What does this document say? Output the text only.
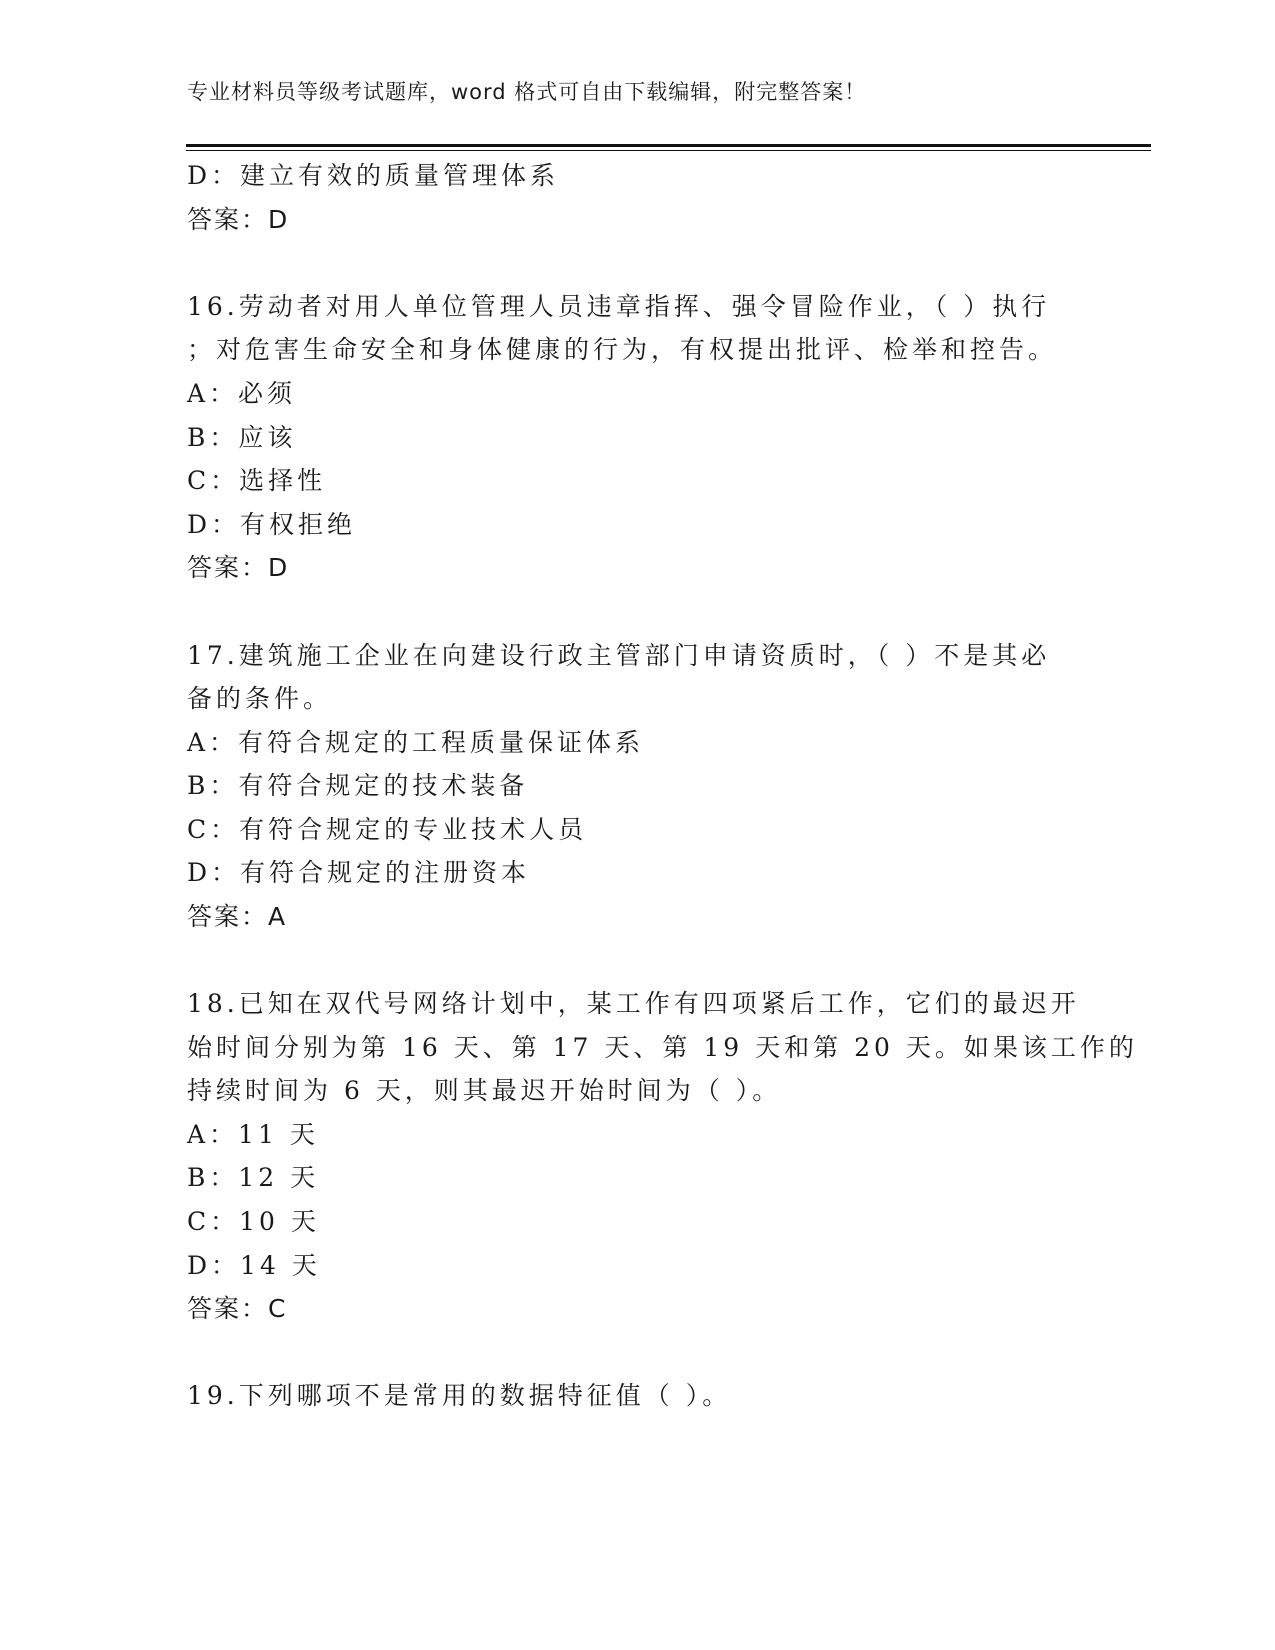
专业材料员等级考试题库，word 格式可自由下载编辑，附完整答案！
D：建立有效的质量管理体系
答案：D
16.劳动者对用人单位管理人员违章指挥、强令冒险作业，（ ）执行
；对危害生命安全和身体健康的行为，有权提出批评、检举和控告。
A：必须
B：应该
C：选择性
D：有权拒绝
答案：D
17.建筑施工企业在向建设行政主管部门申请资质时，（ ）不是其必
备的条件。
A：有符合规定的工程质量保证体系
B：有符合规定的技术装备
C：有符合规定的专业技术人员
D：有符合规定的注册资本
答案：A
18.已知在双代号网络计划中，某工作有四项紧后工作，它们的最迟开
始时间分别为第 16 天、第 17 天、第 19 天和第 20 天。如果该工作的
持续时间为 6 天，则其最迟开始时间为（ ）。
A：11 天
B：12 天
C：10 天
D：14 天
答案：C
19.下列哪项不是常用的数据特征值（ ）。
